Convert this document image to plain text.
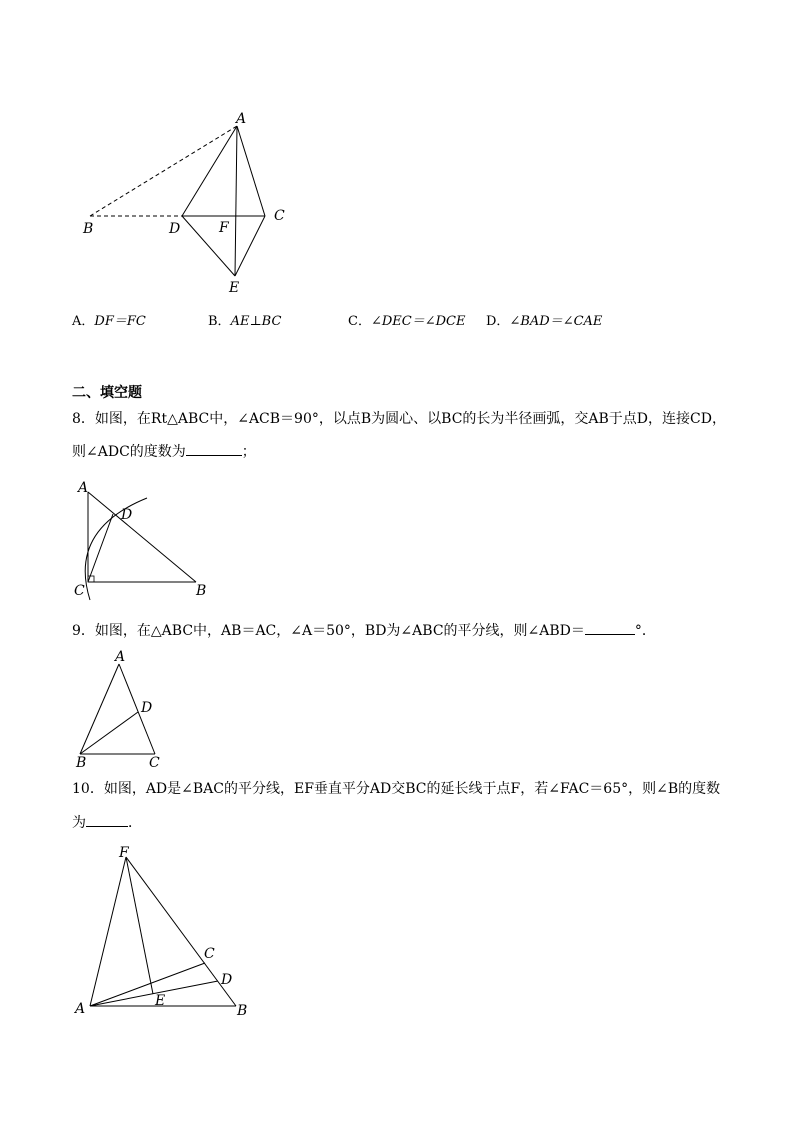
A
B
C
D	F
E
A．DF＝FC	B．AE⊥BC	C．∠DEC＝∠DCE D．∠BAD＝∠CAE
二、填空题
8．如图，在Rt△ABC中，∠ACB＝90°，以点B为圆心、以BC的长为半径画弧，交AB于点D，连接CD，
则∠ADC的度数为	；
A
D
C	B
9．如图，在△ABC中，AB＝AC，∠A＝50°，BD为∠ABC的平分线，则∠ABD＝	°．
A
D
B	C
10．如图，AD是∠BAC的平分线，EF垂直平分AD交BC的延长线于点F，若∠FAC＝65°，则∠B的度数
为	．
F
C
D
E
A	B
